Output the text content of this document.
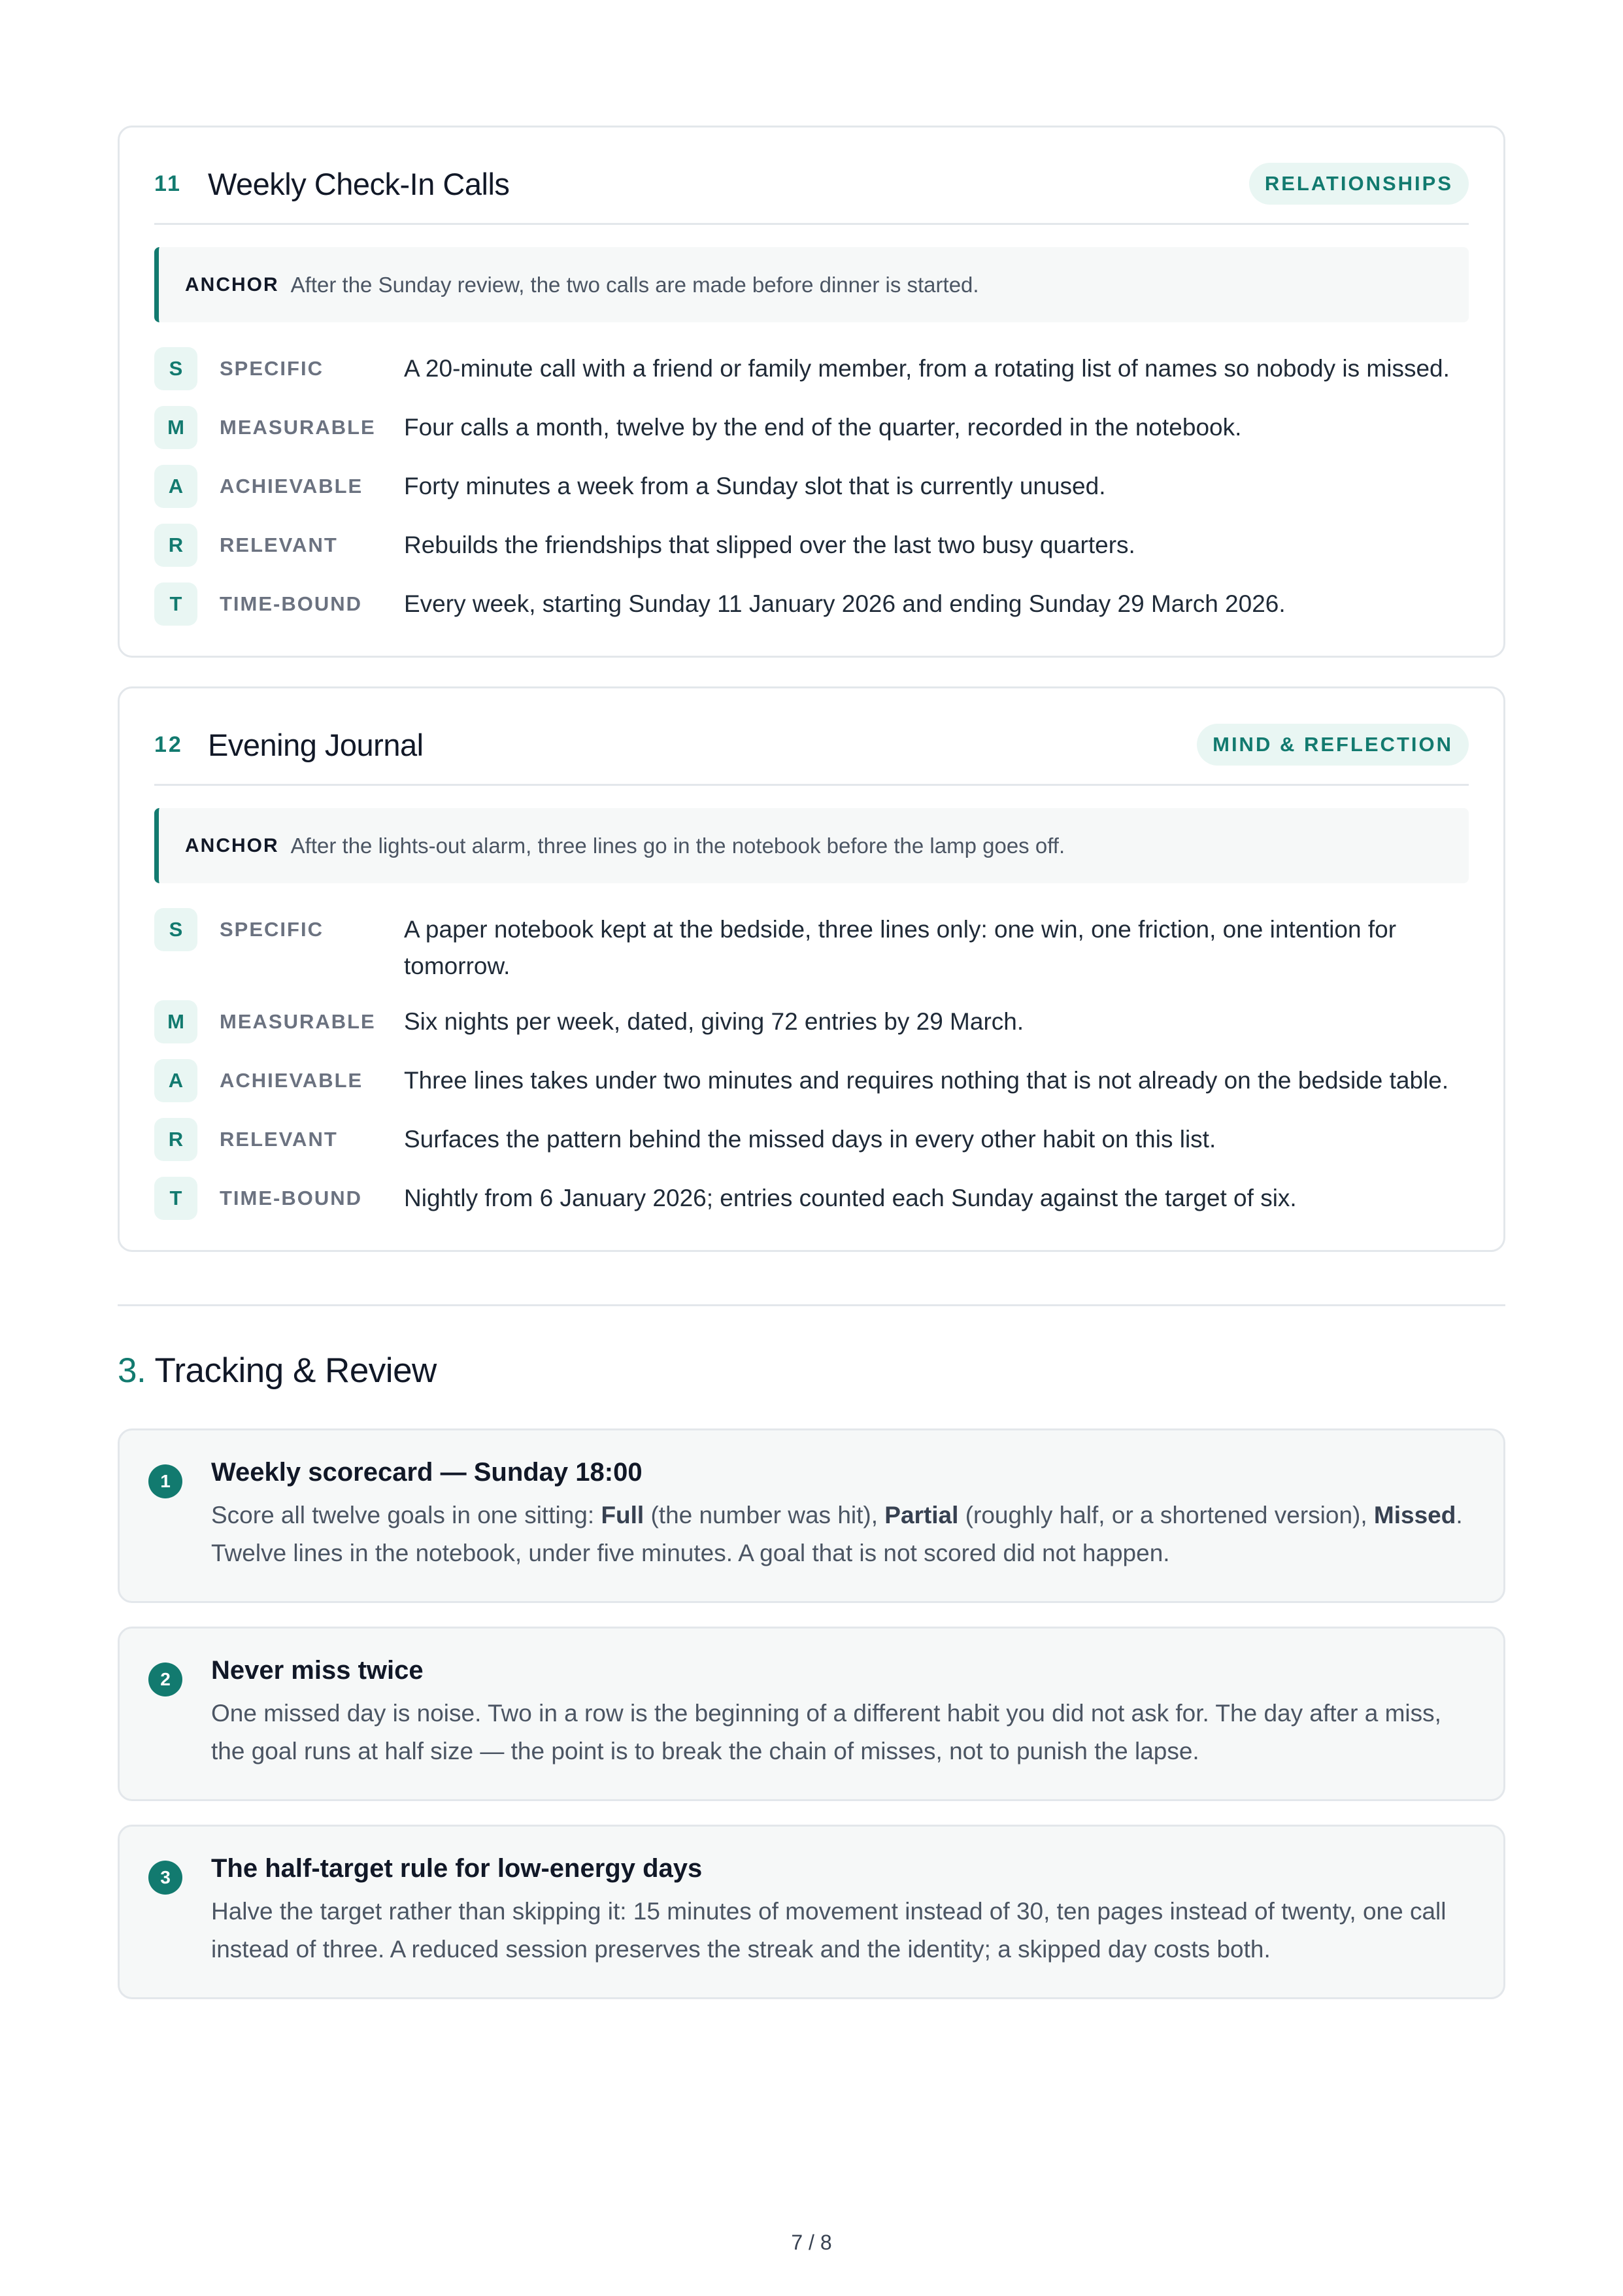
11 Weekly Check-In Calls	RELATIONSHIPS
ANCHOR After the Sunday review, the two calls are made before dinner is started.
S	SPECIFIC	A 20-minute call with a friend or family member, from a rotating list of names so nobody is missed.
M	MEASURABLE	Four calls a month, twelve by the end of the quarter, recorded in the notebook.
A	ACHIEVABLE	Forty minutes a week from a Sunday slot that is currently unused.
R	RELEVANT	Rebuilds the friendships that slipped over the last two busy quarters.
T	TIME-BOUND	Every week, starting Sunday 11 January 2026 and ending Sunday 29 March 2026.
12 Evening Journal	MIND & REFLECTION
ANCHOR After the lights-out alarm, three lines go in the notebook before the lamp goes off.
S	SPECIFIC	A paper notebook kept at the bedside, three lines only: one win, one friction, one intention for tomorrow.
M	MEASURABLE	Six nights per week, dated, giving 72 entries by 29 March.
A	ACHIEVABLE	Three lines takes under two minutes and requires nothing that is not already on the bedside table.
R	RELEVANT	Surfaces the pattern behind the missed days in every other habit on this list.
T	TIME-BOUND	Nightly from 6 January 2026; entries counted each Sunday against the target of six.
3. Tracking & Review
1	Weekly scorecard — Sunday 18:00
Score all twelve goals in one sitting: Full (the number was hit), Partial (roughly half, or a shortened version), Missed. Twelve lines in the notebook, under five minutes. A goal that is not scored did not happen.
2	Never miss twice
One missed day is noise. Two in a row is the beginning of a different habit you did not ask for. The day after a miss, the goal runs at half size — the point is to break the chain of misses, not to punish the lapse.
3	The half-target rule for low-energy days
Halve the target rather than skipping it: 15 minutes of movement instead of 30, ten pages instead of twenty, one call instead of three. A reduced session preserves the streak and the identity; a skipped day costs both.
7 / 8
